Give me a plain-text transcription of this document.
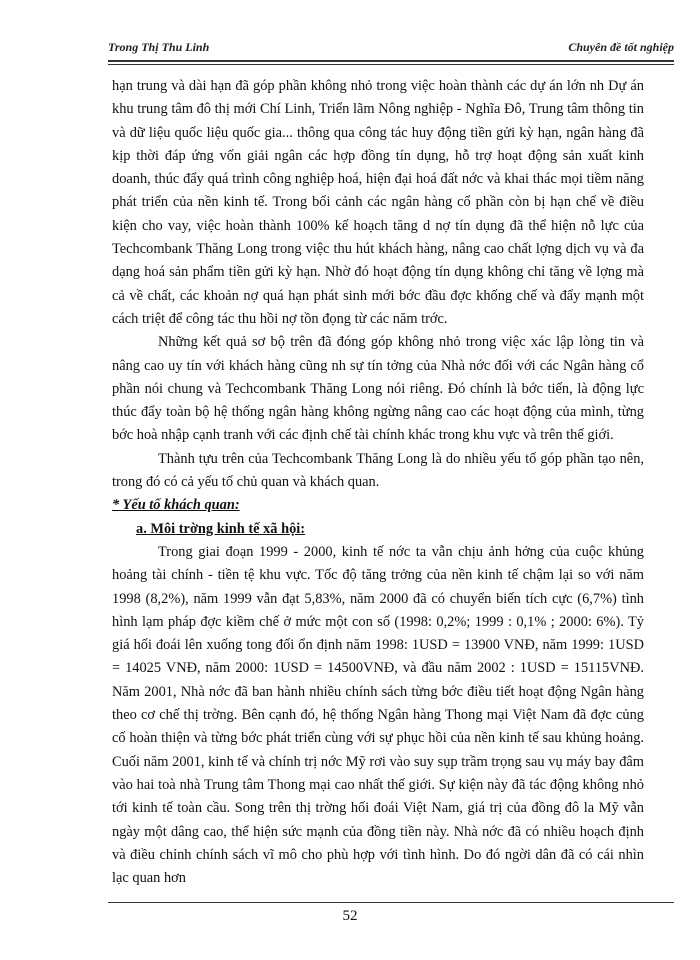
Trong Thị Thu Linh	Chuyên đề tốt nghiệp

hạn trung và dài hạn đã góp phần không nhỏ trong việc hoàn thành các dự án lớn nh Dự án khu trung tâm đô thị mới Chí Linh, Triển lãm Nông nghiệp - Nghĩa Đô, Trung tâm thông tin và dữ liệu quốc liệu quốc gia... thông qua công tác huy động tiền gửi kỳ hạn, ngân hàng đã kịp thời đáp ứng vốn giải ngân các hợp đồng tín dụng, hỗ trợ hoạt động sản xuất kinh doanh, thúc đẩy quá trình công nghiệp hoá, hiện đại hoá đất nớc và khai thác mọi tiềm năng phát triển của nền kinh tế. Trong bối cảnh các ngân hàng cổ phần còn bị hạn chế về điều kiện cho vay, việc hoàn thành 100% kế hoạch tăng d nợ tín dụng đã thể hiện nỗ lực của Techcombank Thăng Long trong việc thu hút khách hàng, nâng cao chất lợng dịch vụ và đa dạng hoá sản phẩm tiền gửi kỳ hạn. Nhờ đó hoạt động tín dụng không chỉ tăng về lợng mà cả về chất, các khoản nợ quá hạn phát sinh mới bớc đầu đợc khống chế và đẩy mạnh một cách triệt để công tác thu hồi nợ tồn đọng từ các năm trớc.

Những kết quả sơ bộ trên đã đóng góp không nhỏ trong việc xác lập lòng tin và nâng cao uy tín với khách hàng cũng nh sự tín tởng của Nhà nớc đối với các Ngân hàng cổ phần nói chung và Techcombank Thăng Long nói riêng. Đó chính là bớc tiến, là động lực thúc đẩy toàn bộ hệ thống ngân hàng không ngừng nâng cao các hoạt động của mình, từng bớc hoà nhập cạnh tranh với các định chế tài chính khác trong khu vực và trên thế giới.

Thành tựu trên của Techcombank Thăng Long là do nhiều yếu tố góp phần tạo nên, trong đó có cả yếu tố chủ quan và khách quan.

* Yếu tố khách quan:

a. Môi trờng kinh tế xã hội:

Trong giai đoạn 1999 - 2000, kinh tế nớc ta vẫn chịu ảnh hởng của cuộc khủng hoảng tài chính - tiền tệ khu vực. Tốc độ tăng trởng của nền kinh tế chậm lại so với năm 1998 (8,2%), năm 1999 vẫn đạt 5,83%, năm 2000 đã có chuyển biến tích cực (6,7%) tình hình lạm pháp đợc kiềm chế ở mức một con số (1998: 0,2%; 1999 : 0,1% ; 2000: 6%). Tỷ giá hối đoái lên xuống tong đối ổn định năm 1998: 1USD = 13900 VNĐ, năm 1999: 1USD = 14025 VNĐ, năm 2000: 1USD = 14500VNĐ, và đầu năm 2002 : 1USD = 15115VNĐ. Năm 2001, Nhà nớc đã ban hành nhiều chính sách từng bớc điều tiết hoạt động Ngân hàng theo cơ chế thị trờng. Bên cạnh đó, hệ thống Ngân hàng Thong mại Việt Nam đã đợc củng cố hoàn thiện và từng bớc phát triển cùng với sự phục hồi của nền kinh tế sau khủng hoảng. Cuối năm 2001, kinh tế và chính trị nớc Mỹ rơi vào suy sụp trầm trọng sau vụ máy bay đâm vào hai toà nhà Trung tâm Thong mại cao nhất thế giới. Sự kiện này đã tác động không nhỏ tới kinh tế toàn cầu. Song trên thị trờng hối đoái Việt Nam, giá trị của đồng đô la Mỹ vẫn ngày một dâng cao, thể hiện sức mạnh của đồng tiền này. Nhà nớc đã có nhiều hoạch định và điều chỉnh chính sách vĩ mô cho phù hợp với tình hình. Do đó ngời dân đã có cái nhìn lạc quan hơn

52
